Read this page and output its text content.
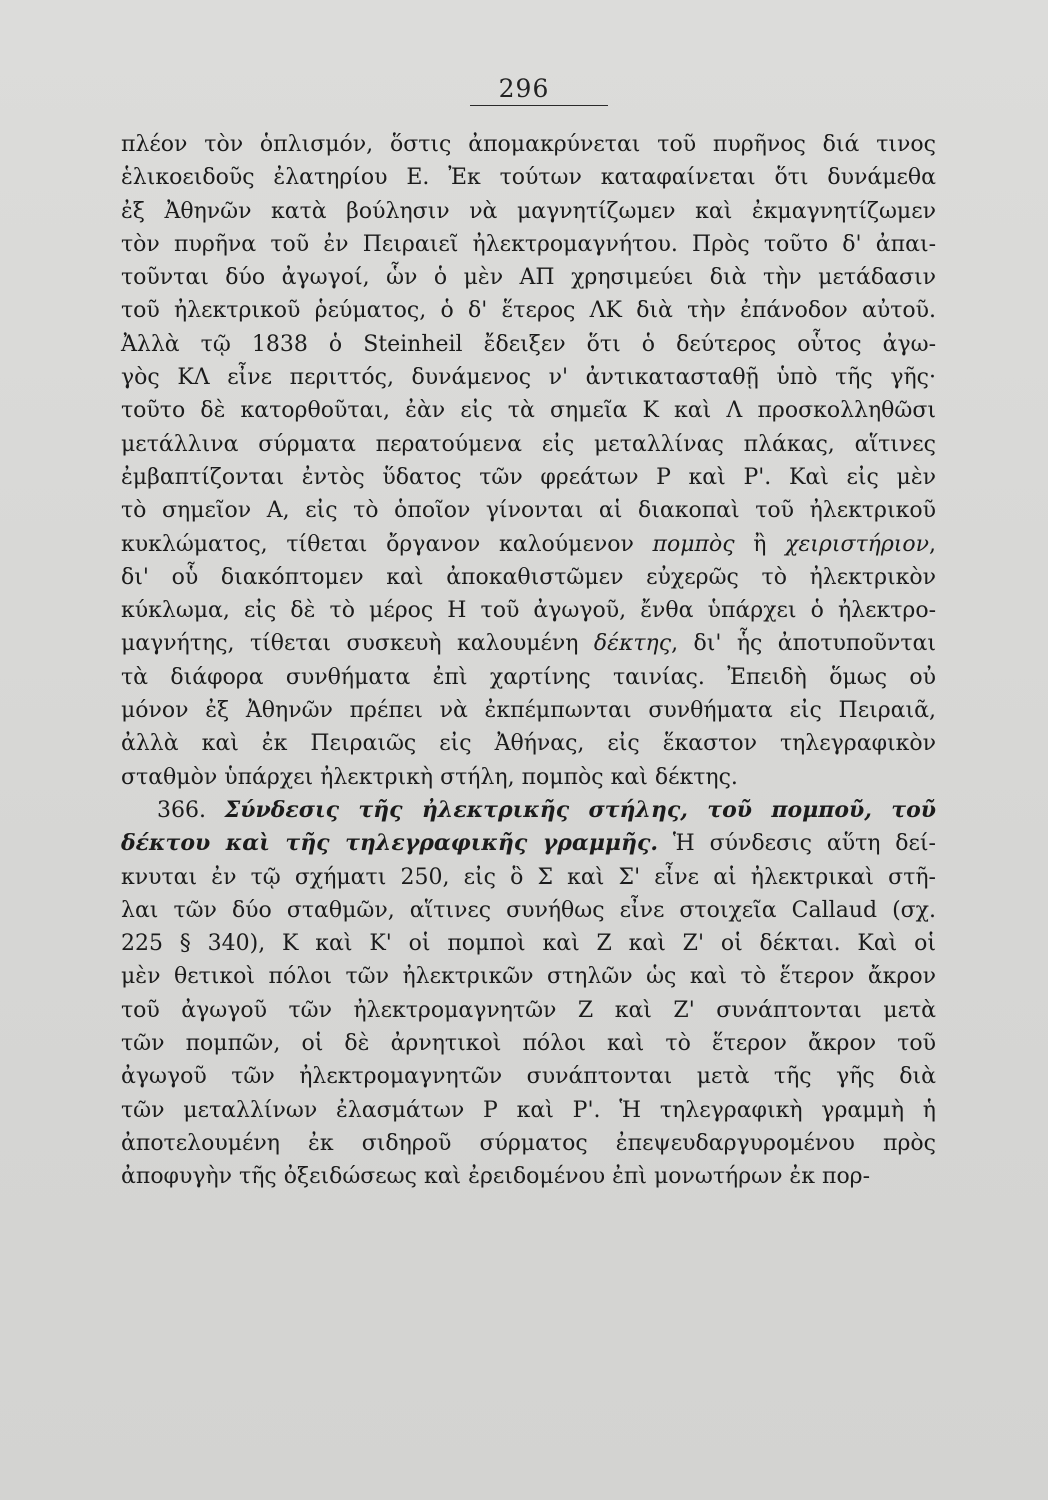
296
πλέον τὸν ὁπλισμόν, ὅστις ἀπομακρύνεται τοῦ πυρῆνος διά τινος
ἑλικοειδοῦς ἐλατηρίου Ε. Ἐκ τούτων καταφαίνεται ὅτι δυνάμεθα
ἐξ Ἀθηνῶν κατὰ βούλησιν νὰ μαγνητίζωμεν καὶ ἐκμαγνητίζωμεν
τὸν πυρῆνα τοῦ ἐν Πειραιεῖ ἠλεκτρομαγνήτου. Πρὸς τοῦτο δ' ἀπαι-
τοῦνται δύο ἀγωγοί, ὧν ὁ μὲν ΑΠ χρησιμεύει διὰ τὴν μετάδασιν
τοῦ ἠλεκτρικοῦ ῥεύματος, ὁ δ' ἕτερος ΛΚ διὰ τὴν ἐπάνοδον αὐτοῦ.
Ἀλλὰ τῷ 1838 ὁ Steinheil ἔδειξεν ὅτι ὁ δεύτερος οὗτος ἀγω-
γὸς ΚΛ εἶνε περιττός, δυνάμενος ν' ἀντικατασταθῇ ὑπὸ τῆς γῆς·
τοῦτο δὲ κατορθοῦται, ἐὰν εἰς τὰ σημεῖα Κ καὶ Λ προσκολληθῶσι
μετάλλινα σύρματα περατούμενα εἰς μεταλλίνας πλάκας, αἵτινες
ἐμβαπτίζονται ἐντὸς ὕδατος τῶν φρεάτων Ρ καὶ Ρ'. Καὶ εἰς μὲν
τὸ σημεῖον Α, εἰς τὸ ὁποῖον γίνονται αἱ διακοπαὶ τοῦ ἠλεκτρικοῦ
κυκλώματος, τίθεται ὄργανον καλούμενον πομπὸς ἢ χειριστήριον,
δι' οὗ διακόπτομεν καὶ ἀποκαθιστῶμεν εὐχερῶς τὸ ἠλεκτρικὸν
κύκλωμα, εἰς δὲ τὸ μέρος Η τοῦ ἀγωγοῦ, ἔνθα ὑπάρχει ὁ ἠλεκτρο-
μαγνήτης, τίθεται συσκευὴ καλουμένη δέκτης, δι' ἧς ἀποτυποῦνται
τὰ διάφορα συνθήματα ἐπὶ χαρτίνης ταινίας. Ἐπειδὴ ὅμως οὐ
μόνον ἐξ Ἀθηνῶν πρέπει νὰ ἐκπέμπωνται συνθήματα εἰς Πειραιᾶ,
ἀλλὰ καὶ ἐκ Πειραιῶς εἰς Ἀθήνας, εἰς ἕκαστον τηλεγραφικὸν
σταθμὸν ὑπάρχει ἠλεκτρικὴ στήλη, πομπὸς καὶ δέκτης.
366. Σύνδεσις τῆς ἠλεκτρικῆς στήλης, τοῦ πομποῦ, τοῦ
δέκτου καὶ τῆς τηλεγραφικῆς γραμμῆς. Ἡ σύνδεσις αὕτη δεί-
κνυται ἐν τῷ σχήματι 250, εἰς ὃ Σ καὶ Σ' εἶνε αἱ ἠλεκτρικαὶ στῆ-
λαι τῶν δύο σταθμῶν, αἵτινες συνήθως εἶνε στοιχεῖα Callaud (σχ.
225 § 340), Κ καὶ Κ' οἱ πομποὶ καὶ Ζ καὶ Ζ' οἱ δέκται. Καὶ οἱ
μὲν θετικοὶ πόλοι τῶν ἠλεκτρικῶν στηλῶν ὡς καὶ τὸ ἕτερον ἄκρον
τοῦ ἀγωγοῦ τῶν ἠλεκτρομαγνητῶν Ζ καὶ Ζ' συνάπτονται μετὰ
τῶν πομπῶν, οἱ δὲ ἀρνητικοὶ πόλοι καὶ τὸ ἕτερον ἄκρον τοῦ
ἀγωγοῦ τῶν ἠλεκτρομαγνητῶν συνάπτονται μετὰ τῆς γῆς διὰ
τῶν μεταλλίνων ἐλασμάτων Ρ καὶ Ρ'. Ἡ τηλεγραφικὴ γραμμὴ ἡ
ἀποτελουμένη ἐκ σιδηροῦ σύρματος ἐπεψευδαργυρομένου πρὸς
ἀποφυγὴν τῆς ὀξειδώσεως καὶ ἐρειδομένου ἐπὶ μονωτήρων ἐκ πορ-
